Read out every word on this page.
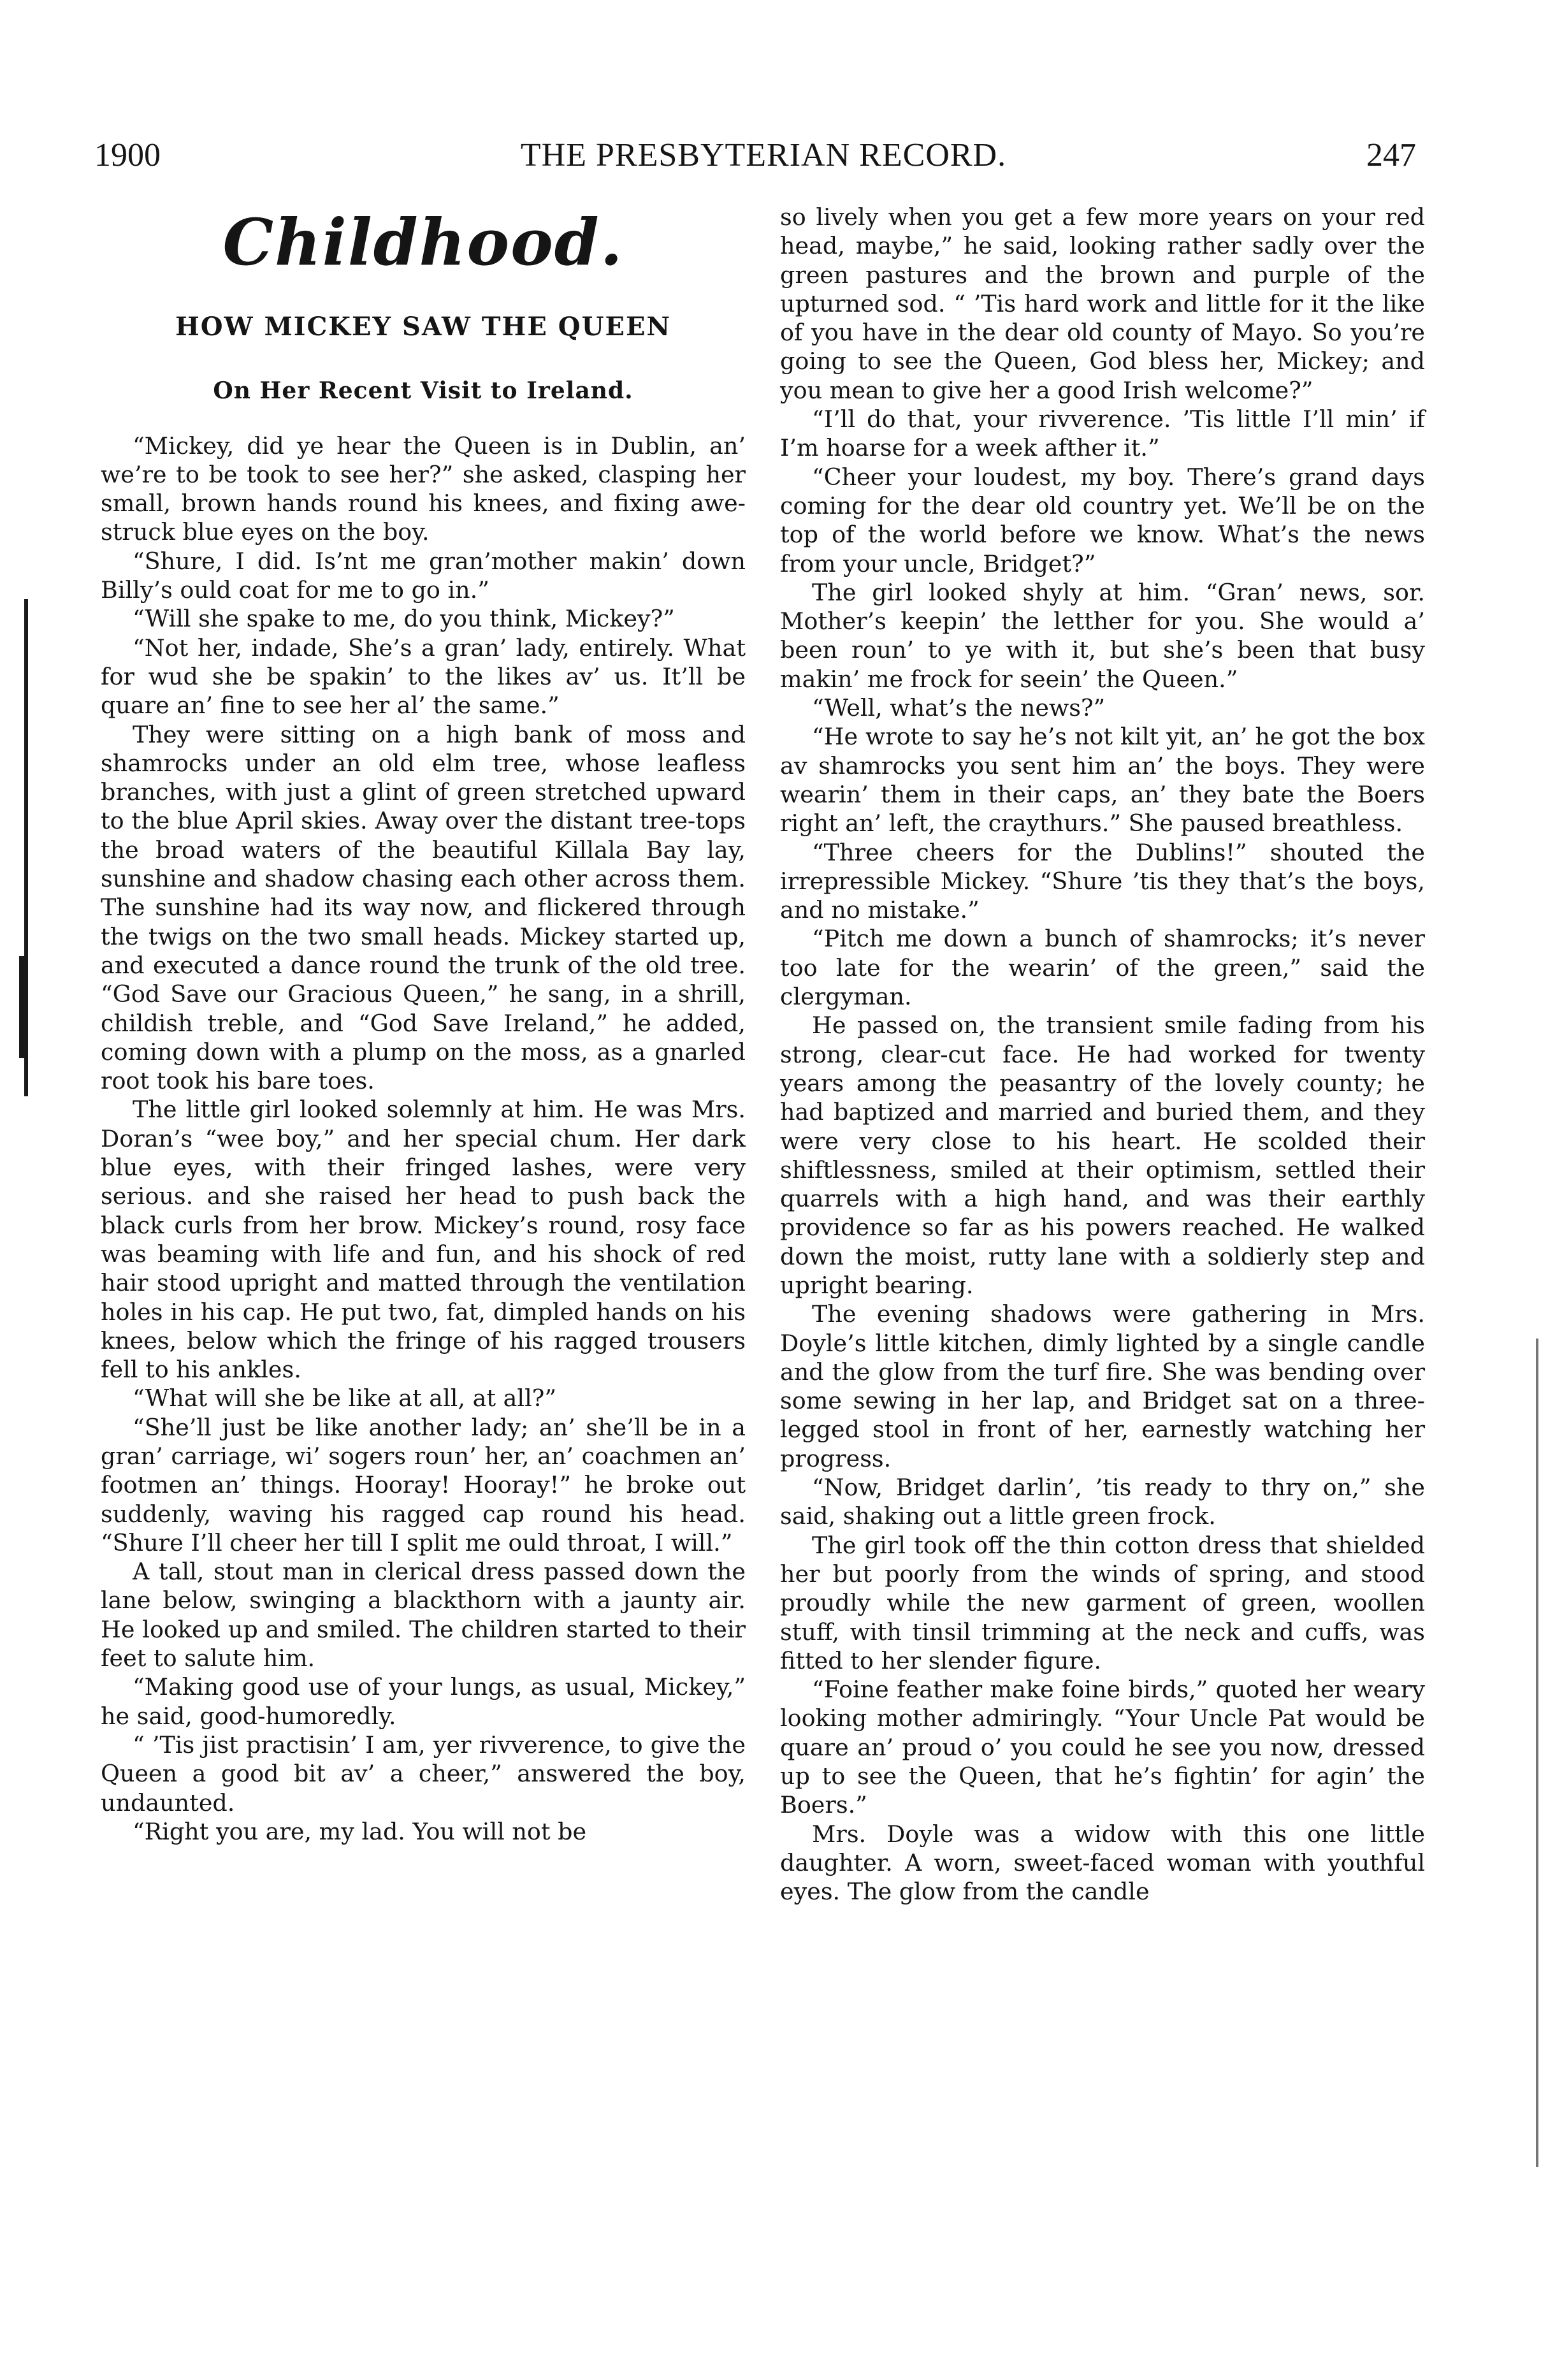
1900	THE PRESBYTERIAN RECORD.	247
Childhood.
HOW MICKEY SAW THE QUEEN
On Her Recent Visit to Ireland.

“Mickey, did ye hear the Queen is in Dublin, an’ we’re to be took to see her?” she asked, clasping her small, brown hands round his knees, and fixing awe-struck blue eyes on the boy.

“Shure, I did. Is’nt me gran’mother makin’ down Billy’s ould coat for me to go in.”

“Will she spake to me, do you think, Mickey?”

“Not her, indade, She’s a gran’ lady, entirely. What for wud she be spakin’ to the likes av’ us. It’ll be quare an’ fine to see her al’ the same.”

They were sitting on a high bank of moss and shamrocks under an old elm tree, whose leafless branches, with just a glint of green stretched upward to the blue April skies. Away over the distant tree-tops the broad waters of the beautiful Killala Bay lay, sunshine and shadow chasing each other across them. The sunshine had its way now, and flickered through the twigs on the two small heads. Mickey started up, and executed a dance round the trunk of the old tree. “God Save our Gracious Queen,” he sang, in a shrill, childish treble, and “God Save Ireland,” he added, coming down with a plump on the moss, as a gnarled root took his bare toes.

The little girl looked solemnly at him. He was Mrs. Doran’s “wee boy,” and her special chum. Her dark blue eyes, with their fringed lashes, were very serious. and she raised her head to push back the black curls from her brow. Mickey’s round, rosy face was beaming with life and fun, and his shock of red hair stood upright and matted through the ventilation holes in his cap. He put two, fat, dimpled hands on his knees, below which the fringe of his ragged trousers fell to his ankles.

“What will she be like at all, at all?”

“She’ll just be like another lady; an’ she’ll be in a gran’ carriage, wi’ sogers roun’ her, an’ coachmen an’ footmen an’ things. Hooray! Hooray!” he broke out suddenly, waving his ragged cap round his head. “Shure I’ll cheer her till I split me ould throat, I will.”

A tall, stout man in clerical dress passed down the lane below, swinging a blackthorn with a jaunty air. He looked up and smiled. The children started to their feet to salute him.

“Making good use of your lungs, as usual, Mickey,” he said, good-humoredly.

“ ’Tis jist practisin’ I am, yer rivverence, to give the Queen a good bit av’ a cheer,” answered the boy, undaunted.

“Right you are, my lad. You will not be

so lively when you get a few more years on your red head, maybe,” he said, looking rather sadly over the green pastures and the brown and purple of the upturned sod. “ ’Tis hard work and little for it the like of you have in the dear old county of Mayo. So you’re going to see the Queen, God bless her, Mickey; and you mean to give her a good Irish welcome?”

“I’ll do that, your rivverence. ’Tis little I’ll min’ if I’m hoarse for a week afther it.”

“Cheer your loudest, my boy. There’s grand days coming for the dear old country yet. We’ll be on the top of the world before we know. What’s the news from your uncle, Bridget?”

The girl looked shyly at him. “Gran’ news, sor. Mother’s keepin’ the letther for you. She would a’ been roun’ to ye with it, but she’s been that busy makin’ me frock for seein’ the Queen.”

“Well, what’s the news?”

“He wrote to say he’s not kilt yit, an’ he got the box av shamrocks you sent him an’ the boys. They were wearin’ them in their caps, an’ they bate the Boers right an’ left, the craythurs.” She paused breathless.

“Three cheers for the Dublins!” shouted the irrepressible Mickey. “Shure ’tis they that’s the boys, and no mistake.”

“Pitch me down a bunch of shamrocks; it’s never too late for the wearin’ of the green,” said the clergyman.

He passed on, the transient smile fading from his strong, clear-cut face. He had worked for twenty years among the peasantry of the lovely county; he had baptized and married and buried them, and they were very close to his heart. He scolded their shiftlessness, smiled at their optimism, settled their quarrels with a high hand, and was their earthly providence so far as his powers reached. He walked down the moist, rutty lane with a soldierly step and upright bearing.

The evening shadows were gathering in Mrs. Doyle’s little kitchen, dimly lighted by a single candle and the glow from the turf fire. She was bending over some sewing in her lap, and Bridget sat on a three-legged stool in front of her, earnestly watching her progress.

“Now, Bridget darlin’, ’tis ready to thry on,” she said, shaking out a little green frock.

The girl took off the thin cotton dress that shielded her but poorly from the winds of spring, and stood proudly while the new garment of green, woollen stuff, with tinsil trimming at the neck and cuffs, was fitted to her slender figure.

“Foine feather make foine birds,” quoted her weary looking mother admiringly. “Your Uncle Pat would be quare an’ proud o’ you could he see you now, dressed up to see the Queen, that he’s fightin’ for agin’ the Boers.”

Mrs. Doyle was a widow with this one little daughter. A worn, sweet-faced woman with youthful eyes. The glow from the candle
